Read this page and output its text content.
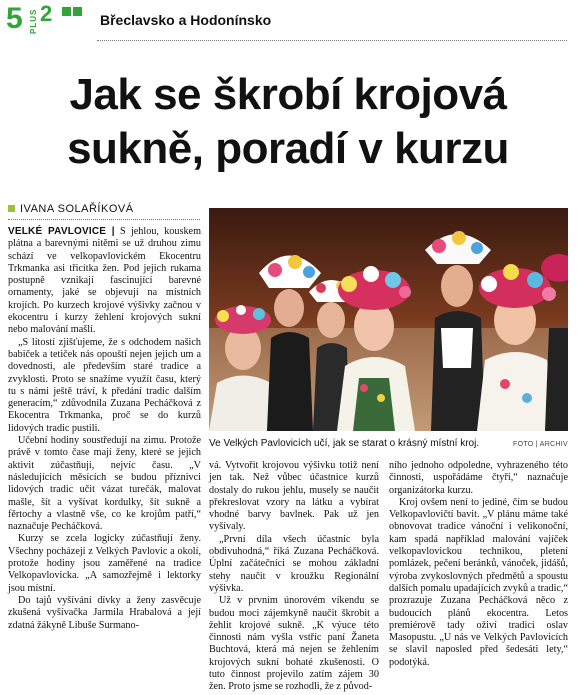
5 PLUS 2	Břeclavsko a Hodonínsko
Jak se škrobí krojová sukně, poradí v kurzu
IVANA SOLAŘÍKOVÁ

VELKÉ PAVLOVICE | S jehlou, kouskem plátna a barevnými nitěmi se už druhou zimu schází ve velkopavlovickém Ekocentru Trkmanka asi třicítka žen. Pod jejich rukama postupně vznikají fascinující barevné ornamenty, jaké se objevují na místních krojích. Po kurzech krojové výšivky začnou v ekocentru i kurzy žehlení krojových sukní nebo malování mašlí.

„S lítostí zjišťujeme, že s odchodem našich babiček a tetiček nás opouští nejen jejich um a dovednosti, ale především staré tradice a zvyklosti. Proto se snažíme využít času, který tu s námi ještě tráví, k předání tradic dalším generacím,“ zdůvodnila Zuzana Pecháčková z Ekocentra Trkmanka, proč se do kurzů lidových tradic pustili.

Učební hodiny soustředují na zimu. Protože právě v tomto čase mají ženy, které se jejich aktivit zúčastňují, nejvíc času. „V následujících měsících se budou příznivci lidových tradic učit vázat turečák, malovat mašle, šít a vyšívat kordulky, šít sukně a fěrtochy a vlastně vše, co ke krojům patří,“ naznačuje Pecháčková.

Kurzy se zcela logicky zúčastňují ženy. Všechny pocházejí z Velkých Pavlovic a okolí, protože hodiny jsou zaměřené na tradice Velkopavlovicka. „A samozřejmě i lektorky jsou místní.

Do tajů vyšívání dívky a ženy zasvěcuje zkušená vyšívačka Jarmila Hrabalová a její zdatná žákyně Libuše Surmano-

Ve Velkých Pavlovicích učí, jak se starat o krásný místní kroj.	FOTO | ARCHIV

vá. Vytvořit krojovou výšivku totiž není jen tak. Než vůbec účastnice kurzů dostaly do rukou jehlu, musely se naučit překreslovat vzory na látku a vybírat vhodné barvy bavlnek. Pak už jen vyšívaly.

„První díla všech účastnic byla obdivuhodná,“ říká Zuzana Pecháčková. Úplní začátečníci se mohou základní stehy naučit v kroužku Regionální výšivka.

Už v prvním únorovém víkendu se budou moci zájemkyně naučit škrobit a žehlit krojové sukně. „K výuce této činnosti nám vyšla vstříc paní Žaneta Buchtová, která má nejen se žehlením krojových sukní bohaté zkušenosti. O tuto činnost projevilo zatím zájem 30 žen. Proto jsme se rozhodli, že z původ-

ního jednoho odpoledne, vyhrazeného této činnosti, uspořádáme čtyři,“ naznačuje organizátorka kurzu.

Kroj ovšem není to jediné, čím se budou Velkopavlovičtí bavit. „V plánu máme také obnovovat tradice vánoční i velikonoční, kam spadá například malování vajíček velkopavlovickou technikou, pletení pomlázek, pečení beránků, vánoček, jidášů, výroba zvykoslovných předmětů a spoustu dalších pomalu upadajících zvyků a tradic,“ prozrazuje Zuzana Pecháčková něco z budoucích plánů ekocentra. Letos premiérově tady oživí tradici oslav Masopustu. „U nás ve Velkých Pavlovicích se slavil naposled před šedesáti lety,“ podotýká.
